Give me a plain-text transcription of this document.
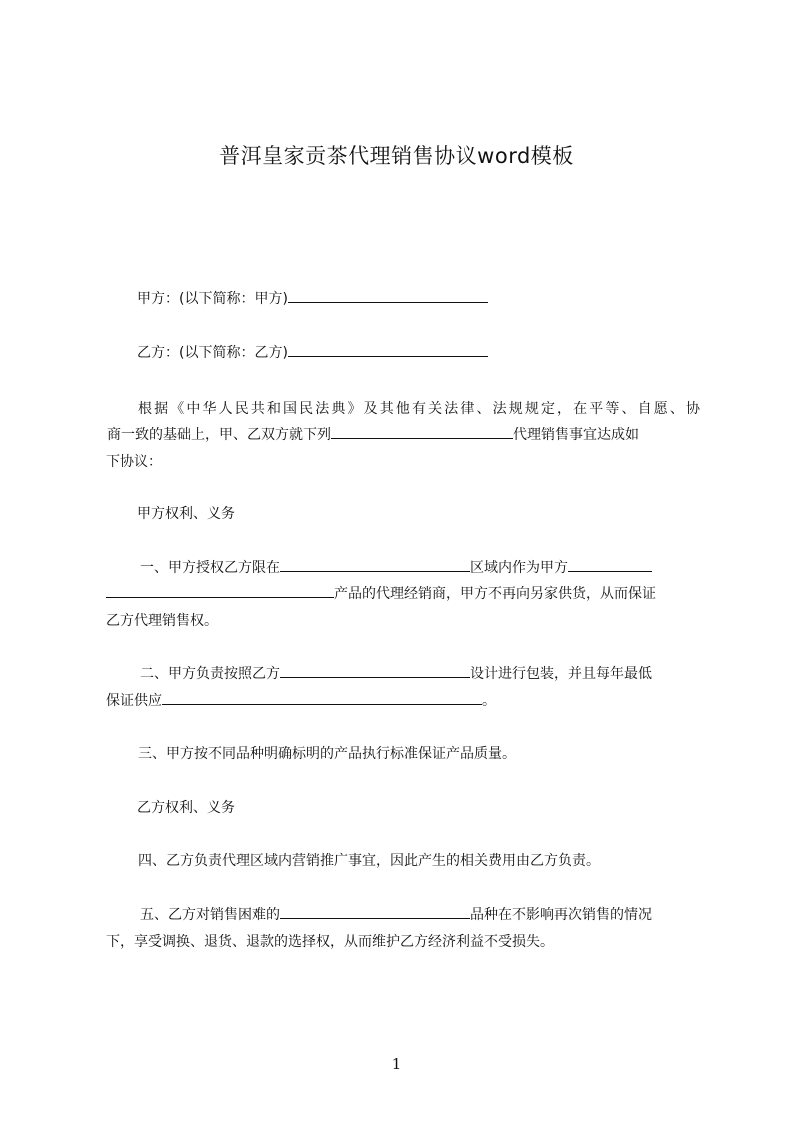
普洱皇家贡茶代理销售协议word模板
甲方：(以下简称：甲方)
乙方：(以下简称：乙方)
根据《中华人民共和国民法典》及其他有关法律、法规规定，在平等、自愿、协
商一致的基础上，甲、乙双方就下列	代理销售事宜达成如
下协议：
甲方权利、义务
一、甲方授权乙方限在	区域内作为甲方
产品的代理经销商，甲方不再向另家供货，从而保证
乙方代理销售权。
二、甲方负责按照乙方	设计进行包装，并且每年最低
保证供应	。
三、甲方按不同品种明确标明的产品执行标准保证产品质量。
乙方权利、义务
四、乙方负责代理区域内营销推广事宜，因此产生的相关费用由乙方负责。
五、乙方对销售困难的	品种在不影响再次销售的情况
下，享受调换、退货、退款的选择权，从而维护乙方经济利益不受损失。
1
